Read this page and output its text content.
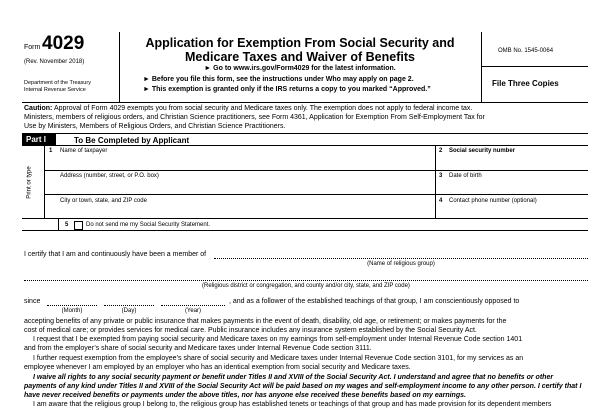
Form 4029
(Rev. November 2018)
Department of the Treasury
Internal Revenue Service
Application for Exemption From Social Security and
Medicare Taxes and Waiver of Benefits
► Go to www.irs.gov/Form4029 for the latest information.
► Before you file this form, see the instructions under Who may apply on page 2.
► This exemption is granted only if the IRS returns a copy to you marked “Approved.”
OMB No. 1545-0064
File Three Copies
Caution: Approval of Form 4029 exempts you from social security and Medicare taxes only. The exemption does not apply to federal income tax.
Ministers, members of religious orders, and Christian Science practitioners, see Form 4361, Application for Exemption From Self-Employment Tax for
Use by Ministers, Members of Religious Orders, and Christian Science Practitioners.
Part I	To Be Completed by Applicant
Print or type
1 Name of taxpayer	2 Social security number
Address (number, street, or P.O. box)	3 Date of birth
City or town, state, and ZIP code	4 Contact phone number (optional)
5	Do not send me my Social Security Statement.
I certify that I am and continuously have been a member of
(Name of religious group)
(Religious district or congregation, and county and/or city, state, and ZIP code)
since	, and as a follower of the established teachings of that group, I am conscientiously opposed to
(Month)	(Day)	(Year)
accepting benefits of any private or public insurance that makes payments in the event of death, disability, old age, or retirement; or makes payments for the
cost of medical care; or provides services for medical care. Public insurance includes any insurance system established by the Social Security Act.
I request that I be exempted from paying social security and Medicare taxes on my earnings from self-employment under Internal Revenue Code section 1401
and from the employer’s share of social security and Medicare taxes under Internal Revenue Code section 3111.
I further request exemption from the employee’s share of social security and Medicare taxes under Internal Revenue Code section 3101, for my services as an
employee whenever I am employed by an employer who has an identical exemption from social security and Medicare taxes.
I waive all rights to any social security payment or benefit under Titles II and XVIII of the Social Security Act. I understand and agree that no benefits or other
payments of any kind under Titles II and XVIII of the Social Security Act will be paid based on my wages and self-employment income to any other person. I certify that I
have never received benefits or payments under the above titles, nor has anyone else received these benefits based on my earnings.
I am aware that the religious group I belong to, the religious group has established tenets or teachings of that group and has made provision for its dependent members
